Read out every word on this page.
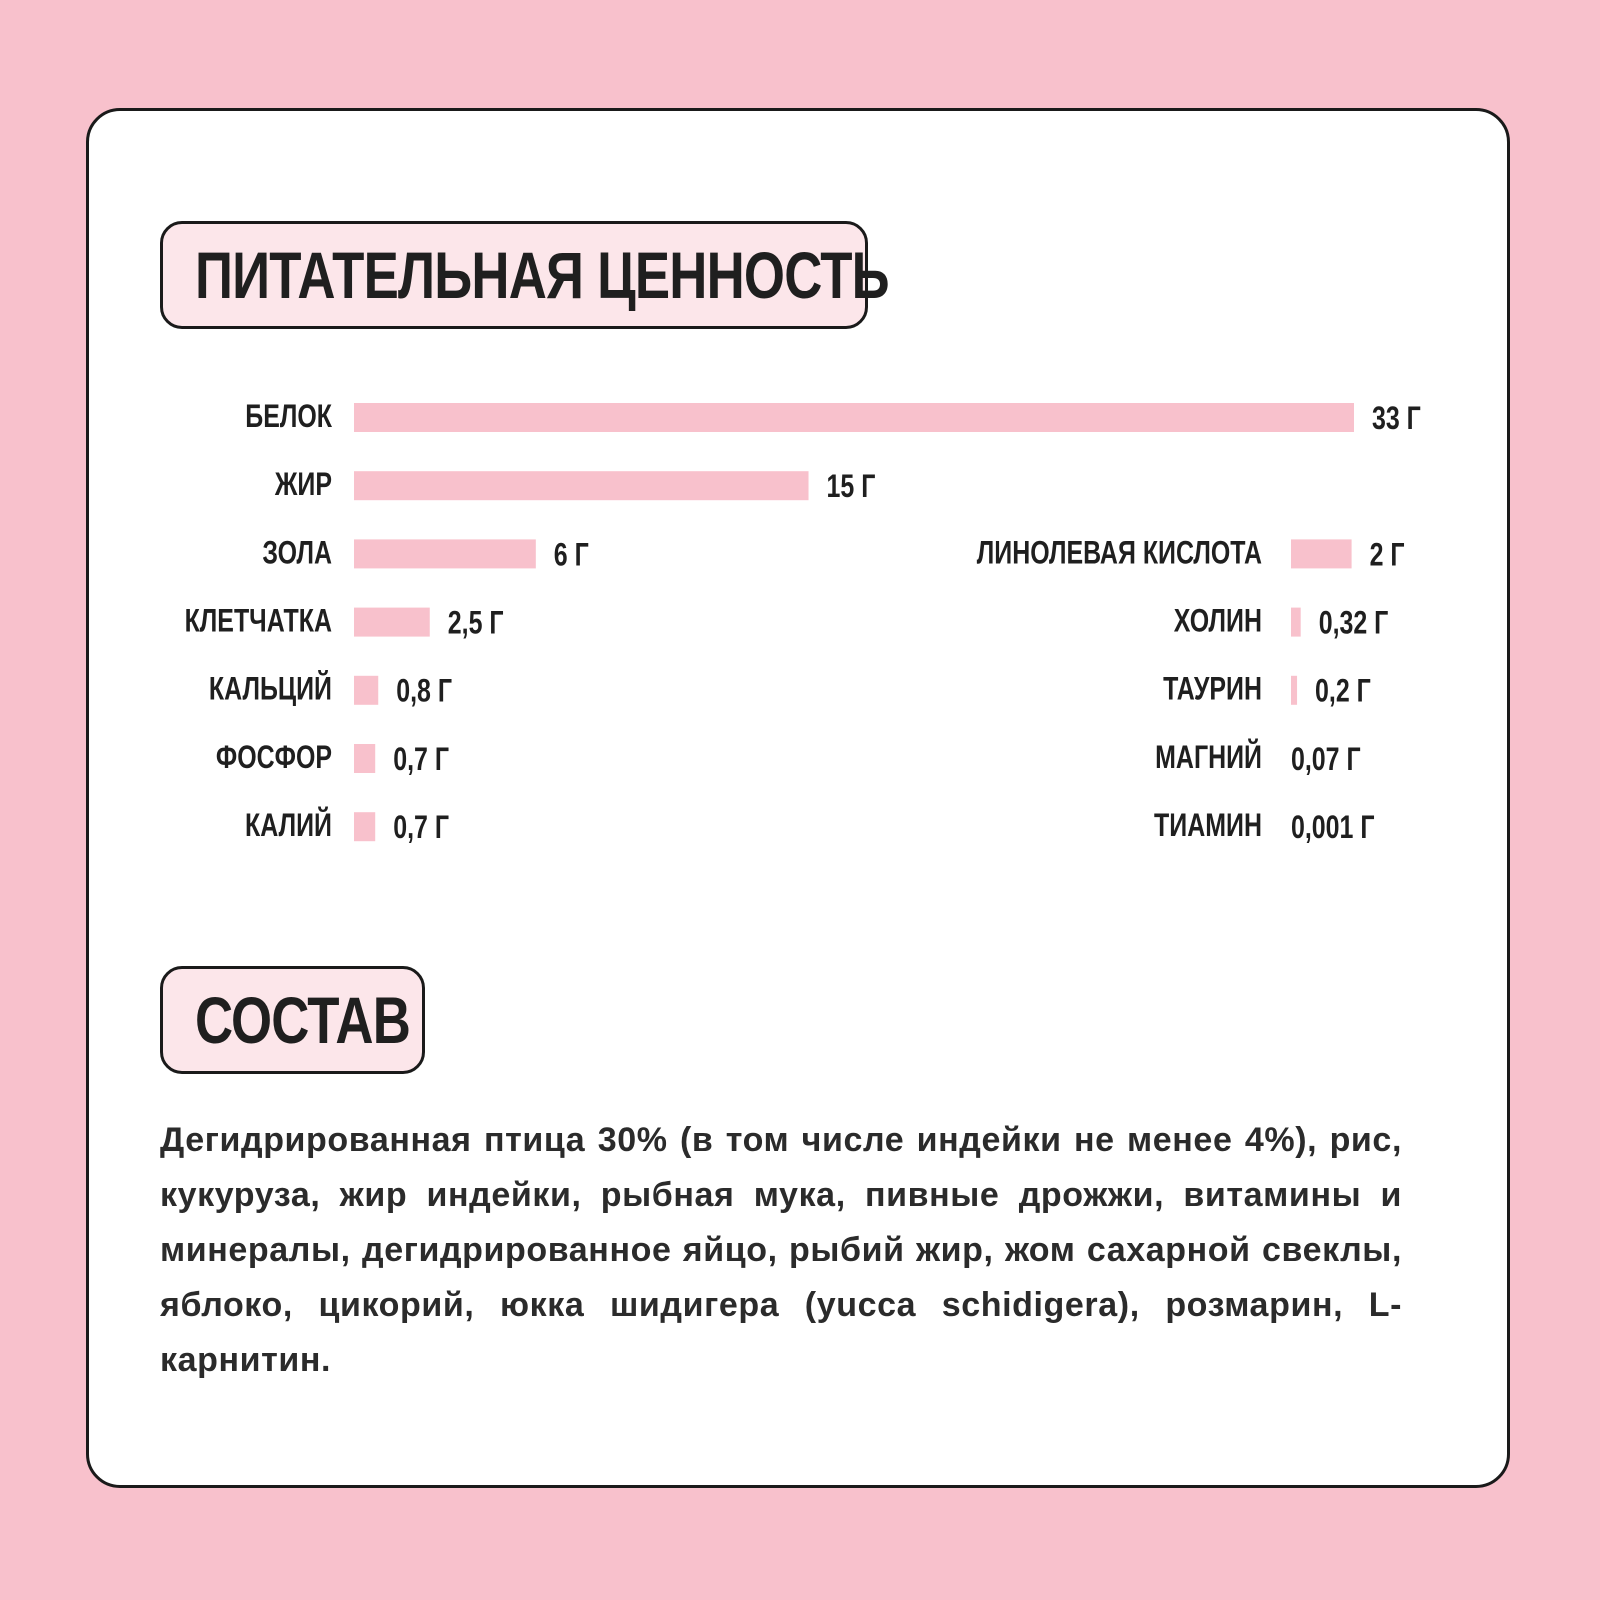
ПИТАТЕЛЬНАЯ ЦЕННОСТЬ
БЕЛОК	33 Г
ЖИР	15 Г
ЗОЛА	6 Г
КЛЕТЧАТКА	2,5 Г
КАЛЬЦИЙ 0,8 Г
ФОСФОР 0,7 Г
КАЛИЙ 0,7 Г
ЛИНОЛЕВАЯ КИСЛОТА	2 Г
ХОЛИН 0,32 Г
ТАУРИН 0,2 Г
МАГНИЙ 0,07 Г
ТИАМИН 0,001 Г
СОСТАВ

Дегидрированная птица 30% (в том числе индейки не менее 4%), рис, кукуруза, жир индейки, рыбная мука, пивные дрожжи, витамины и минералы, дегидрированное яйцо, рыбий жир, жом сахарной свеклы, яблоко, цикорий, юкка шидигера (yucca schidigera), розмарин, L-карнитин.
